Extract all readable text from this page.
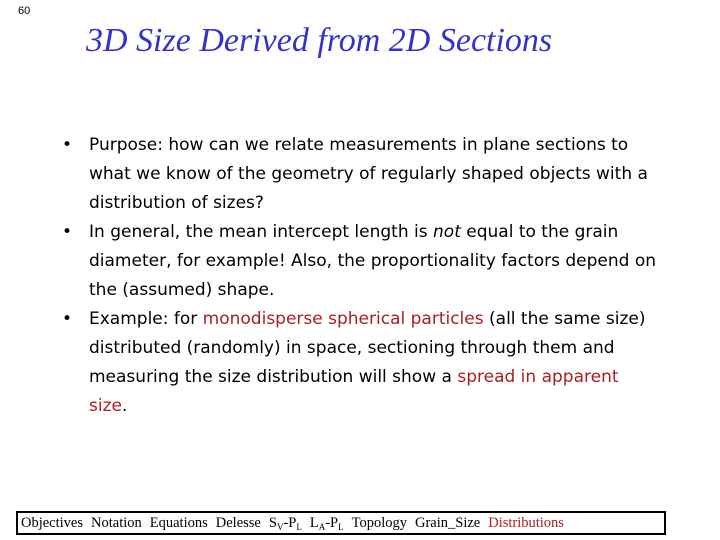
60
3D Size Derived from 2D Sections
• Purpose: how can we relate measurements in plane sections to what we know of the geometry of regularly shaped objects with a distribution of sizes?
• In general, the mean intercept length is not equal to the grain diameter, for example! Also, the proportionality factors depend on the (assumed) shape.
• Example: for monodisperse spherical particles (all the same size) distributed (randomly) in space, sectioning through them and measuring the size distribution will show a spread in apparent size.
Objectives Notation Equations Delesse $S_V-P_L$ $L_A-P_L$ Topology Grain_Size Distributions
